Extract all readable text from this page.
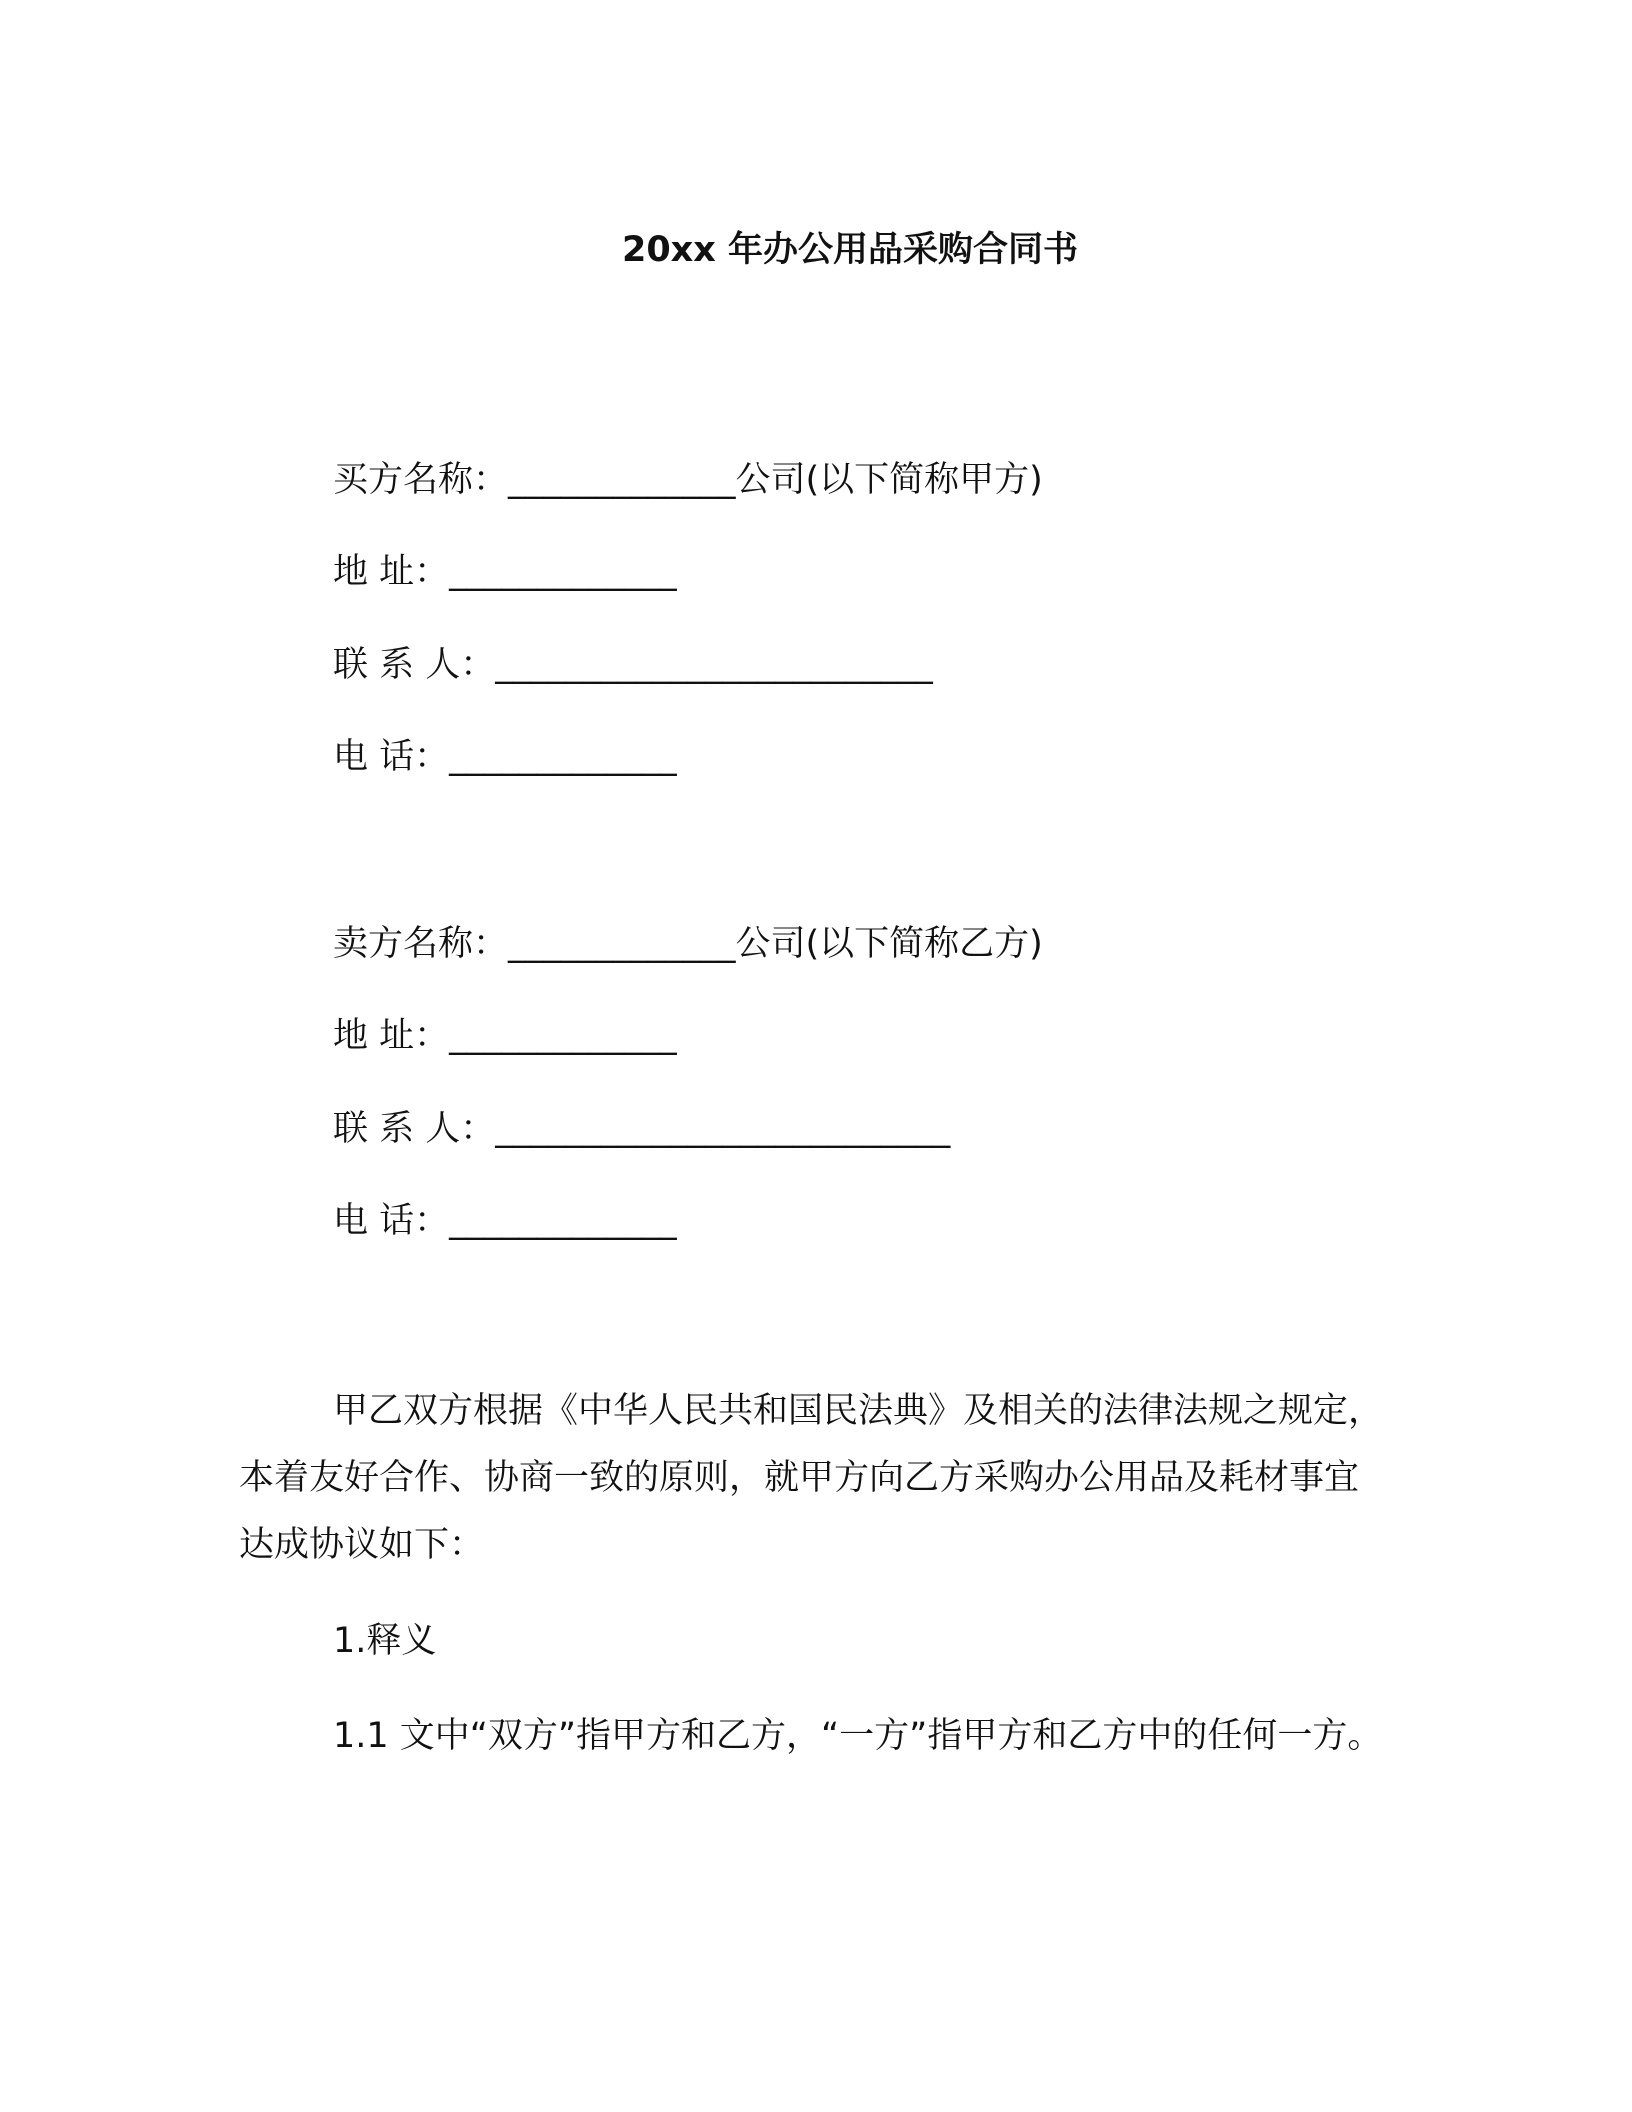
20xx 年办公用品采购合同书
买方名称：_____________公司(以下简称甲方)
地 址：_____________
联 系 人：_________________________
电 话：_____________
卖方名称：_____________公司(以下简称乙方)
地 址：_____________
联 系 人：__________________________
电 话：_____________
甲乙双方根据《中华人民共和国民法典》及相关的法律法规之规定，本着友好合作、协商一致的原则，就甲方向乙方采购办公用品及耗材事宜达成协议如下：
1.释义
1.1 文中“双方”指甲方和乙方，“一方”指甲方和乙方中的任何一方。
